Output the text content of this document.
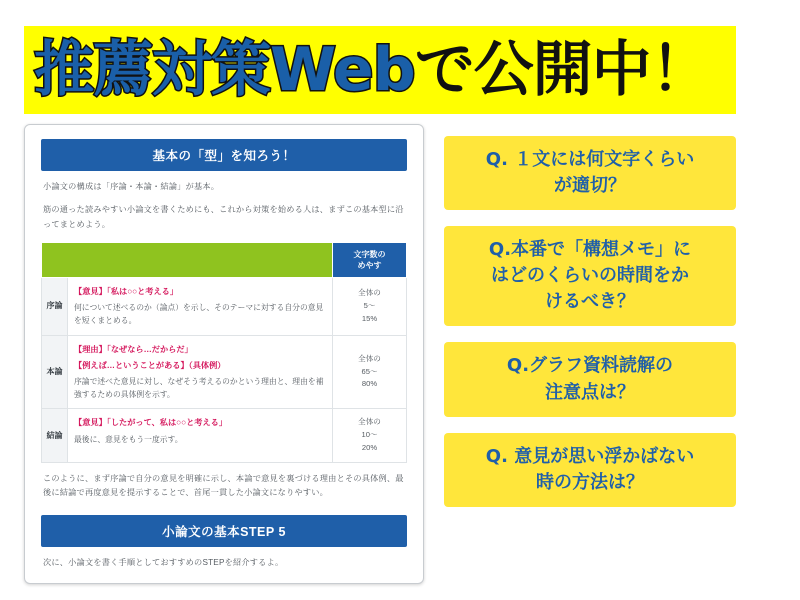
推薦対策Webで公開中！
基本の「型」を知ろう！
小論文の構成は「序論・本論・結論」が基本。
筋の通った読みやすい小論文を書くためにも、これから対策を始める人は、まずこの基本型に沿ってまとめよう。

		文字数の
めやす

序論	
【意見】「私は○○と考える」
何について述べるのか（論点）を示し、そのテーマに対する自分の意見を短くまとめる。

全体の
5～
15%

本論	
【理由】「なぜなら…だからだ」
【例えば…ということがある】（具体例）
序論で述べた意見に対し、なぜそう考えるのかという理由と、理由を補強するための具体例を示す。

全体の
65～
80%

結論	
【意見】「したがって、私は○○と考える」
最後に、意見をもう一度示す。

全体の
10～
20%
このように、まず序論で自分の意見を明確に示し、本論で意見を裏づける理由とその具体例、最後に結論で再度意見を提示することで、首尾一貫した小論文になりやすい。
小論文の基本STEP 5
次に、小論文を書く手順としておすすめのSTEPを紹介するよ。
Q. １文には何文字くらい
が適切？
Q.本番で「構想メモ」に
はどのくらいの時間をか
けるべき？
Q.グラフ資料読解の
注意点は？
Q. 意見が思い浮かばない
時の方法は？
